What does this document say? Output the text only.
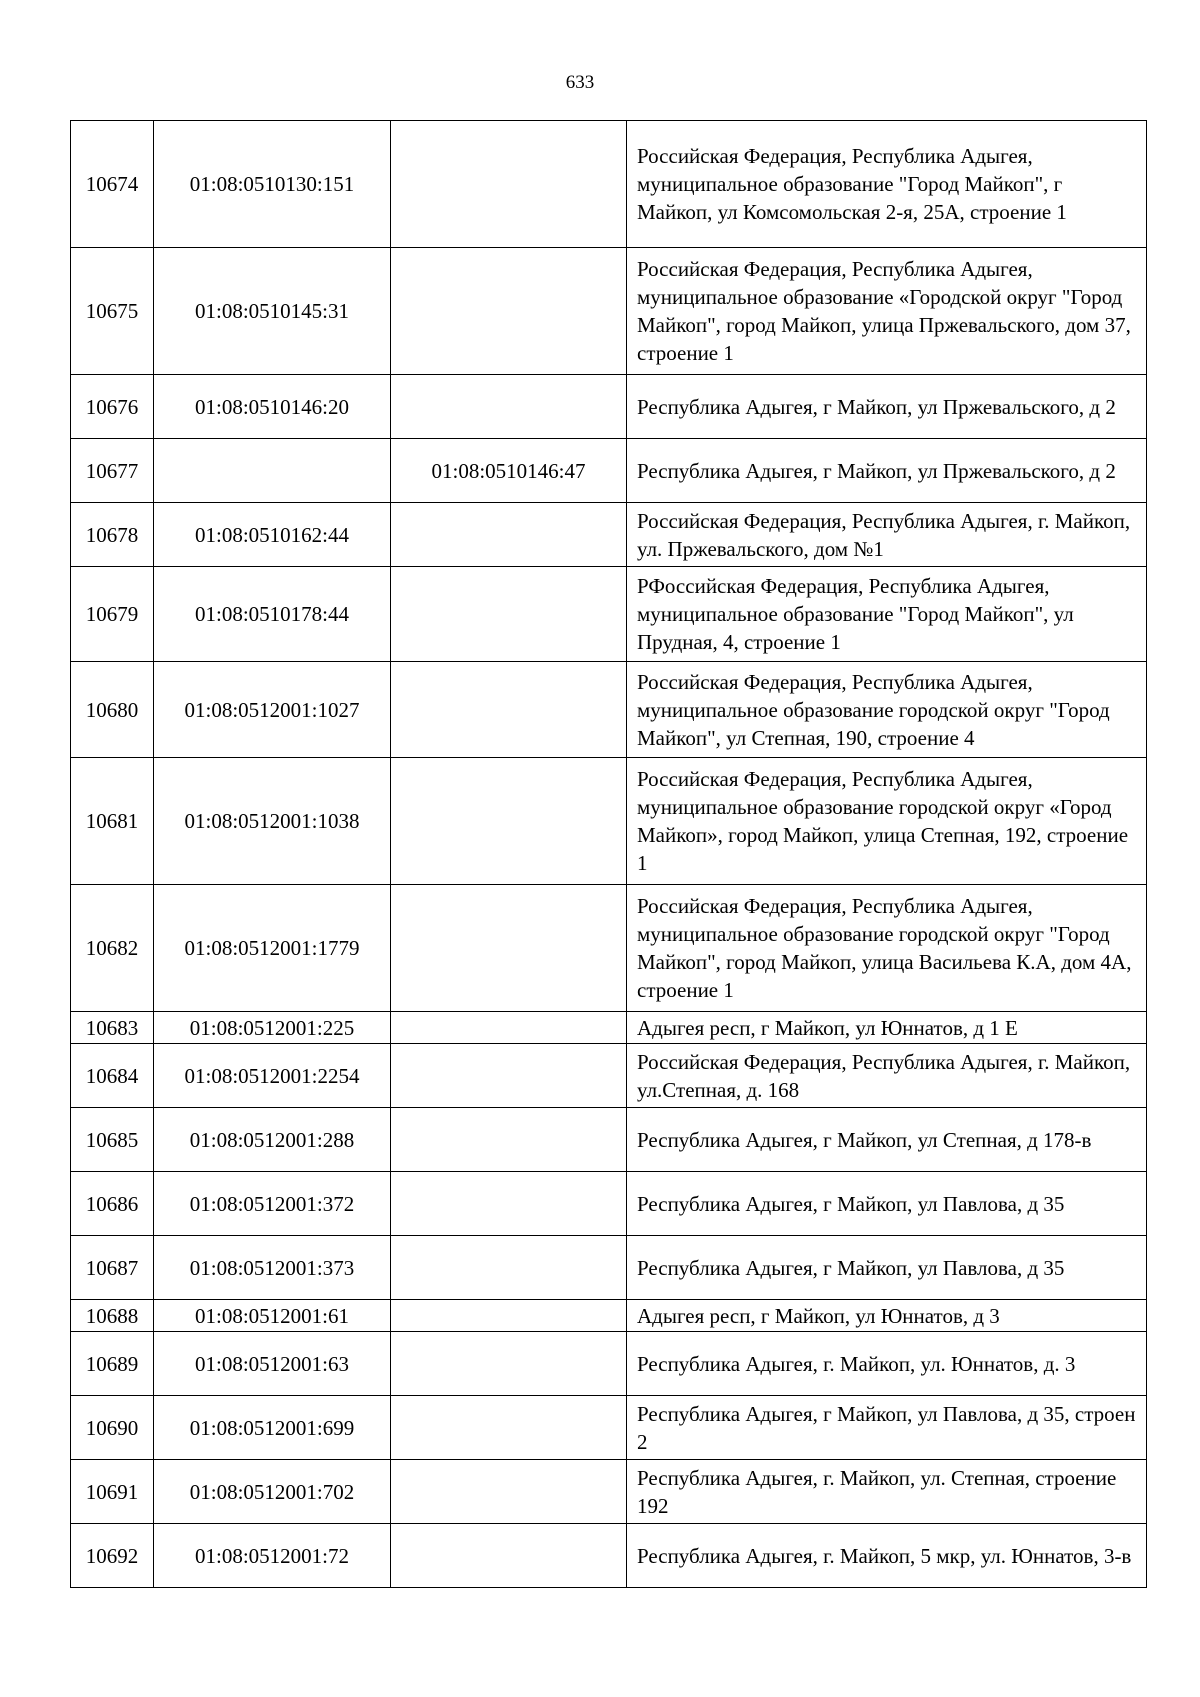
633
10674	01:08:0510130:151		Российская Федерация, Республика Адыгея, муниципальное образование "Город Майкоп", г Майкоп, ул Комсомольская 2-я, 25А, строение 1
10675	01:08:0510145:31		Российская Федерация, Республика Адыгея, муниципальное образование «Городской округ "Город Майкоп", город Майкоп, улица Пржевальского, дом 37, строение 1
10676	01:08:0510146:20		Республика Адыгея, г Майкоп, ул Пржевальского, д 2
10677		01:08:0510146:47	Республика Адыгея, г Майкоп, ул Пржевальского, д 2
10678	01:08:0510162:44		Российская Федерация, Республика Адыгея, г. Майкоп, ул. Пржевальского, дом №1
10679	01:08:0510178:44		РФоссийская Федерация, Республика Адыгея, муниципальное образование "Город Майкоп", ул Прудная, 4, строение 1
10680	01:08:0512001:1027		Российская Федерация, Республика Адыгея, муниципальное образование городской округ "Город Майкоп", ул Степная, 190, строение 4
10681	01:08:0512001:1038		Российская Федерация, Республика Адыгея, муниципальное образование городской округ «Город Майкоп», город Майкоп, улица Степная, 192, строение 1
10682	01:08:0512001:1779		Российская Федерация, Республика Адыгея, муниципальное образование городской округ "Город Майкоп", город Майкоп, улица Васильева К.А, дом 4А, строение 1
10683	01:08:0512001:225		Адыгея респ, г Майкоп, ул Юннатов, д 1 Е
10684	01:08:0512001:2254		Российская Федерация, Республика Адыгея, г. Майкоп, ул.Степная, д. 168
10685	01:08:0512001:288		Республика Адыгея, г Майкоп, ул Степная, д 178-в
10686	01:08:0512001:372		Республика Адыгея, г Майкоп, ул Павлова, д 35
10687	01:08:0512001:373		Республика Адыгея, г Майкоп, ул Павлова, д 35
10688	01:08:0512001:61		Адыгея респ, г Майкоп, ул Юннатов, д 3
10689	01:08:0512001:63		Республика Адыгея, г. Майкоп, ул. Юннатов, д. 3
10690	01:08:0512001:699		Республика Адыгея, г Майкоп, ул Павлова, д 35, строен 2
10691	01:08:0512001:702		Республика Адыгея, г. Майкоп, ул. Степная, строение 192
10692	01:08:0512001:72		Республика Адыгея, г. Майкоп, 5 мкр, ул. Юннатов, 3-в
